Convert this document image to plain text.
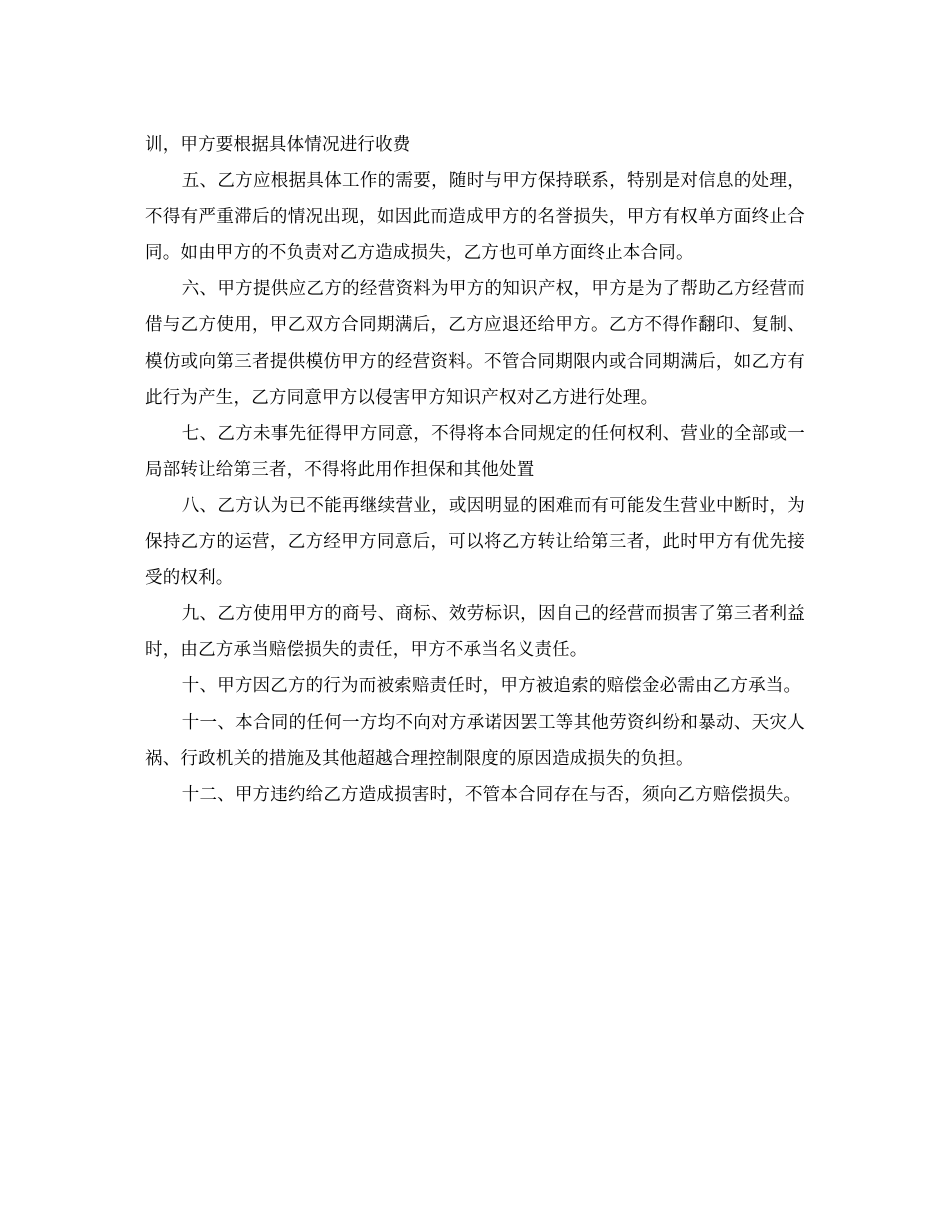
训，甲方要根据具体情况进行收费

五、乙方应根据具体工作的需要，随时与甲方保持联系，特别是对信息的处理，不得有严重滞后的情况出现，如因此而造成甲方的名誉损失，甲方有权单方面终止合同。如由甲方的不负责对乙方造成损失，乙方也可单方面终止本合同。

六、甲方提供应乙方的经营资料为甲方的知识产权，甲方是为了帮助乙方经营而借与乙方使用，甲乙双方合同期满后，乙方应退还给甲方。乙方不得作翻印、复制、模仿或向第三者提供模仿甲方的经营资料。不管合同期限内或合同期满后，如乙方有此行为产生，乙方同意甲方以侵害甲方知识产权对乙方进行处理。

七、乙方未事先征得甲方同意，不得将本合同规定的任何权利、营业的全部或一局部转让给第三者，不得将此用作担保和其他处置

八、乙方认为已不能再继续营业，或因明显的困难而有可能发生营业中断时，为保持乙方的运营，乙方经甲方同意后，可以将乙方转让给第三者，此时甲方有优先接受的权利。

九、乙方使用甲方的商号、商标、效劳标识，因自己的经营而损害了第三者利益时，由乙方承当赔偿损失的责任，甲方不承当名义责任。

十、甲方因乙方的行为而被索赔责任时，甲方被追索的赔偿金必需由乙方承当。

十一、本合同的任何一方均不向对方承诺因罢工等其他劳资纠纷和暴动、天灾人祸、行政机关的措施及其他超越合理控制限度的原因造成损失的负担。

十二、甲方违约给乙方造成损害时，不管本合同存在与否，须向乙方赔偿损失。
